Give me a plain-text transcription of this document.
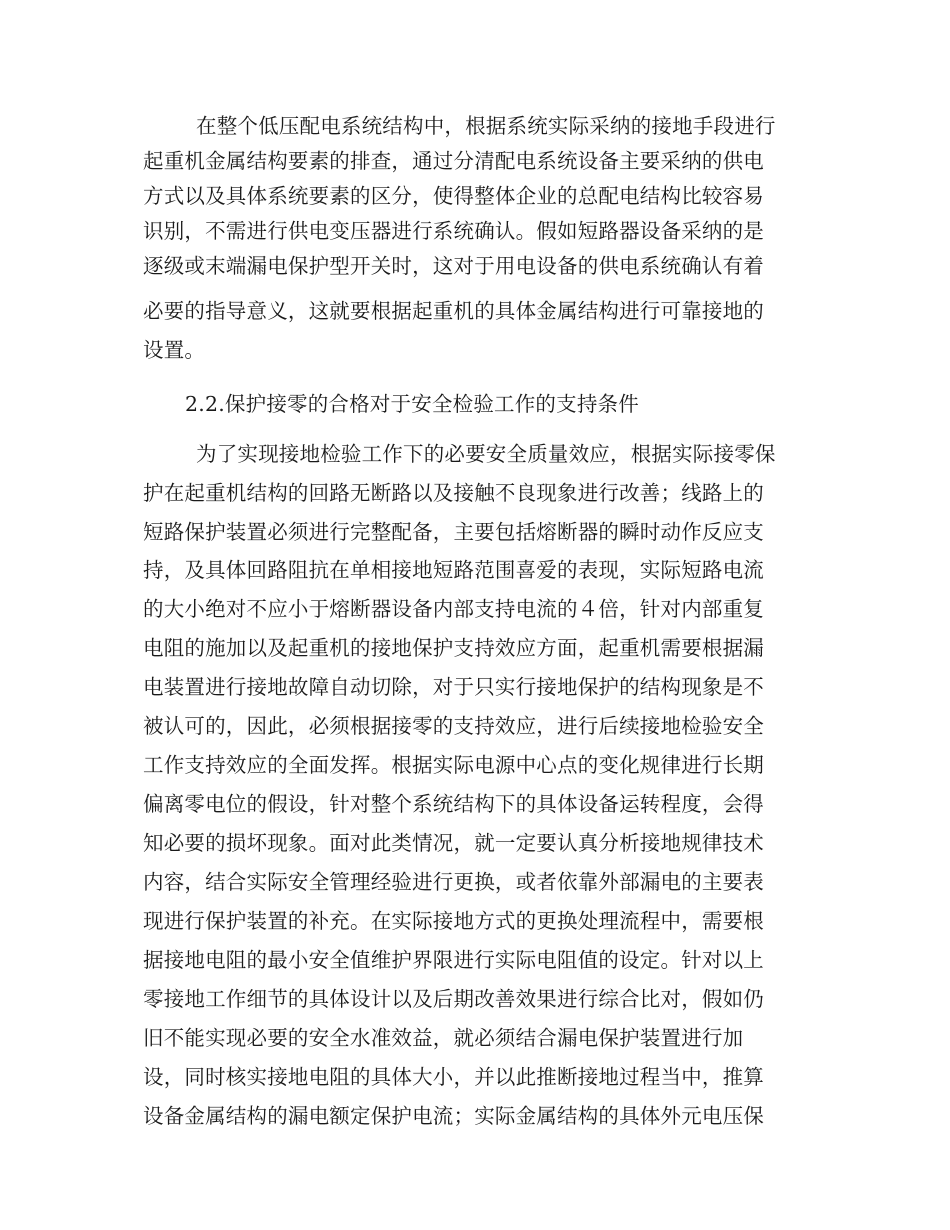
在整个低压配电系统结构中，根据系统实际采纳的接地手段进行
起重机金属结构要素的排查，通过分清配电系统设备主要采纳的供电
方式以及具体系统要素的区分，使得整体企业的总配电结构比较容易
识别，不需进行供电变压器进行系统确认。假如短路器设备采纳的是
逐级或末端漏电保护型开关时，这对于用电设备的供电系统确认有着
必要的指导意义，这就要根据起重机的具体金属结构进行可靠接地的
设置。
2.2.保护接零的合格对于安全检验工作的支持条件
为了实现接地检验工作下的必要安全质量效应，根据实际接零保
护在起重机结构的回路无断路以及接触不良现象进行改善；线路上的
短路保护装置必须进行完整配备，主要包括熔断器的瞬时动作反应支
持，及具体回路阻抗在单相接地短路范围喜爱的表现，实际短路电流
的大小绝对不应小于熔断器设备内部支持电流的４倍，针对内部重复
电阻的施加以及起重机的接地保护支持效应方面，起重机需要根据漏
电装置进行接地故障自动切除，对于只实行接地保护的结构现象是不
被认可的，因此，必须根据接零的支持效应，进行后续接地检验安全
工作支持效应的全面发挥。根据实际电源中心点的变化规律进行长期
偏离零电位的假设，针对整个系统结构下的具体设备运转程度，会得
知必要的损坏现象。面对此类情况，就一定要认真分析接地规律技术
内容，结合实际安全管理经验进行更换，或者依靠外部漏电的主要表
现进行保护装置的补充。在实际接地方式的更换处理流程中，需要根
据接地电阻的最小安全值维护界限进行实际电阻值的设定。针对以上
零接地工作细节的具体设计以及后期改善效果进行综合比对，假如仍
旧不能实现必要的安全水准效益，就必须结合漏电保护装置进行加
设，同时核实接地电阻的具体大小，并以此推断接地过程当中，推算
设备金属结构的漏电额定保护电流；实际金属结构的具体外元电压保
